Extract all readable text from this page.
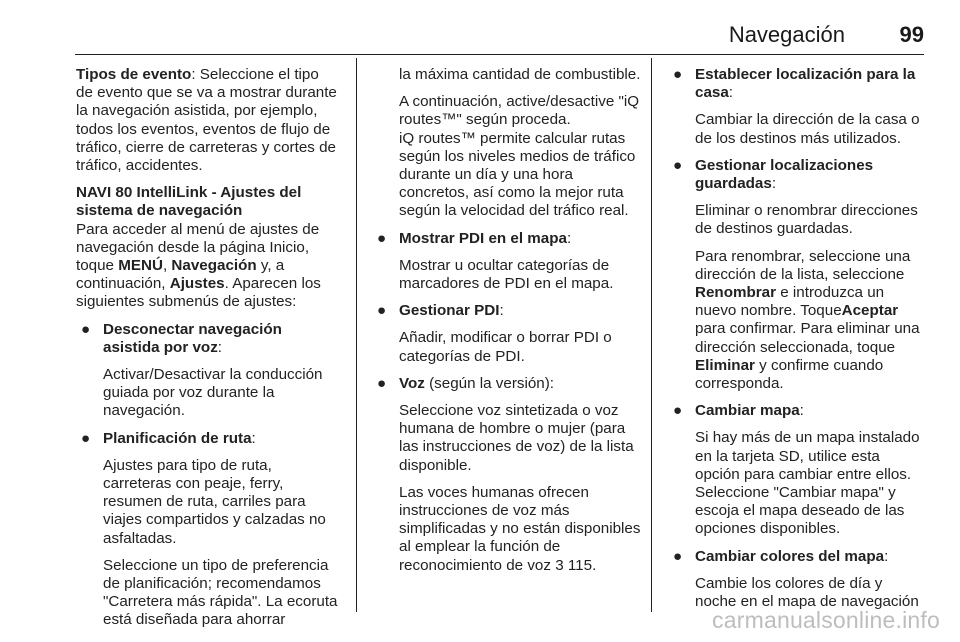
Navegación 99

Tipos de evento: Seleccione el tipo de evento que se va a mostrar durante la navegación asistida, por ejemplo, todos los eventos, eventos de flujo de tráfico, cierre de carreteras y cortes de tráfico, accidentes.

NAVI 80 IntelliLink - Ajustes del sistema de navegación

Para acceder al menú de ajustes de navegación desde la página Inicio, toque MENÚ, Navegación y, a continuación, Ajustes. Aparecen los siguientes submenús de ajustes:

● Desconectar navegación asistida por voz:

Activar/Desactivar la conducción guiada por voz durante la navegación.

● Planificación de ruta:

Ajustes para tipo de ruta, carreteras con peaje, ferry, resumen de ruta, carriles para viajes compartidos y calzadas no asfaltadas.

Seleccione un tipo de preferencia de planificación; recomendamos "Carretera más rápida". La ecoruta está diseñada para ahorrar

la máxima cantidad de combustible.

A continuación, active/desactive "iQ routes™" según proceda.

iQ routes™ permite calcular rutas según los niveles medios de tráfico durante un día y una hora concretos, así como la mejor ruta según la velocidad del tráfico real.

● Mostrar PDI en el mapa:

Mostrar u ocultar categorías de marcadores de PDI en el mapa.

● Gestionar PDI:

Añadir, modificar o borrar PDI o categorías de PDI.

● Voz (según la versión):

Seleccione voz sintetizada o voz humana de hombre o mujer (para las instrucciones de voz) de la lista disponible.

Las voces humanas ofrecen instrucciones de voz más simplificadas y no están disponibles al emplear la función de reconocimiento de voz 3 115.

● Establecer localización para la casa:

Cambiar la dirección de la casa o de los destinos más utilizados.

● Gestionar localizaciones guardadas:

Eliminar o renombrar direcciones de destinos guardadas.

Para renombrar, seleccione una dirección de la lista, seleccione Renombrar e introduzca un nuevo nombre. ToqueAceptar para confirmar. Para eliminar una dirección seleccionada, toque Eliminar y confirme cuando corresponda.

● Cambiar mapa:

Si hay más de un mapa instalado en la tarjeta SD, utilice esta opción para cambiar entre ellos. Seleccione "Cambiar mapa" y escoja el mapa deseado de las opciones disponibles.

● Cambiar colores del mapa:

Cambie los colores de día y noche en el mapa de navegación

carmanualsonline.info
